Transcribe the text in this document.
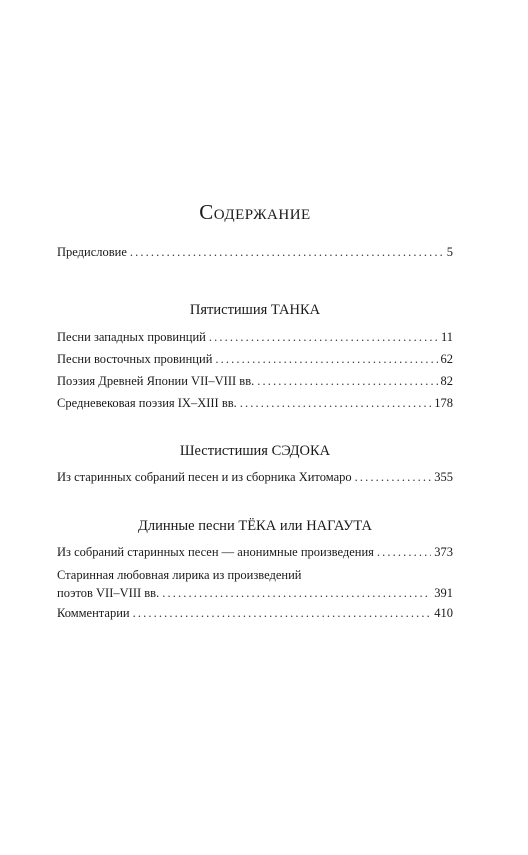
Содержание
Предисловие . . .	5
Пятистишия ТАНКА
Песни западных провинций . . .	11
Песни восточных провинций . . .	62
Поэзия Древней Японии VII–VIII вв. . . .	82
Средневековая поэзия IX–XIII вв. . . .	178
Шестистишия СЭДОКА
Из старинных собраний песен и из сборника Хитомаро . . .	355
Длинные песни ТЁКА или НАГАУТА
Из собраний старинных песен — анонимные произведения . . .	373
Старинная любовная лирика из произведений
поэтов VII–VIII вв. . . .	391
Комментарии . . .	410
